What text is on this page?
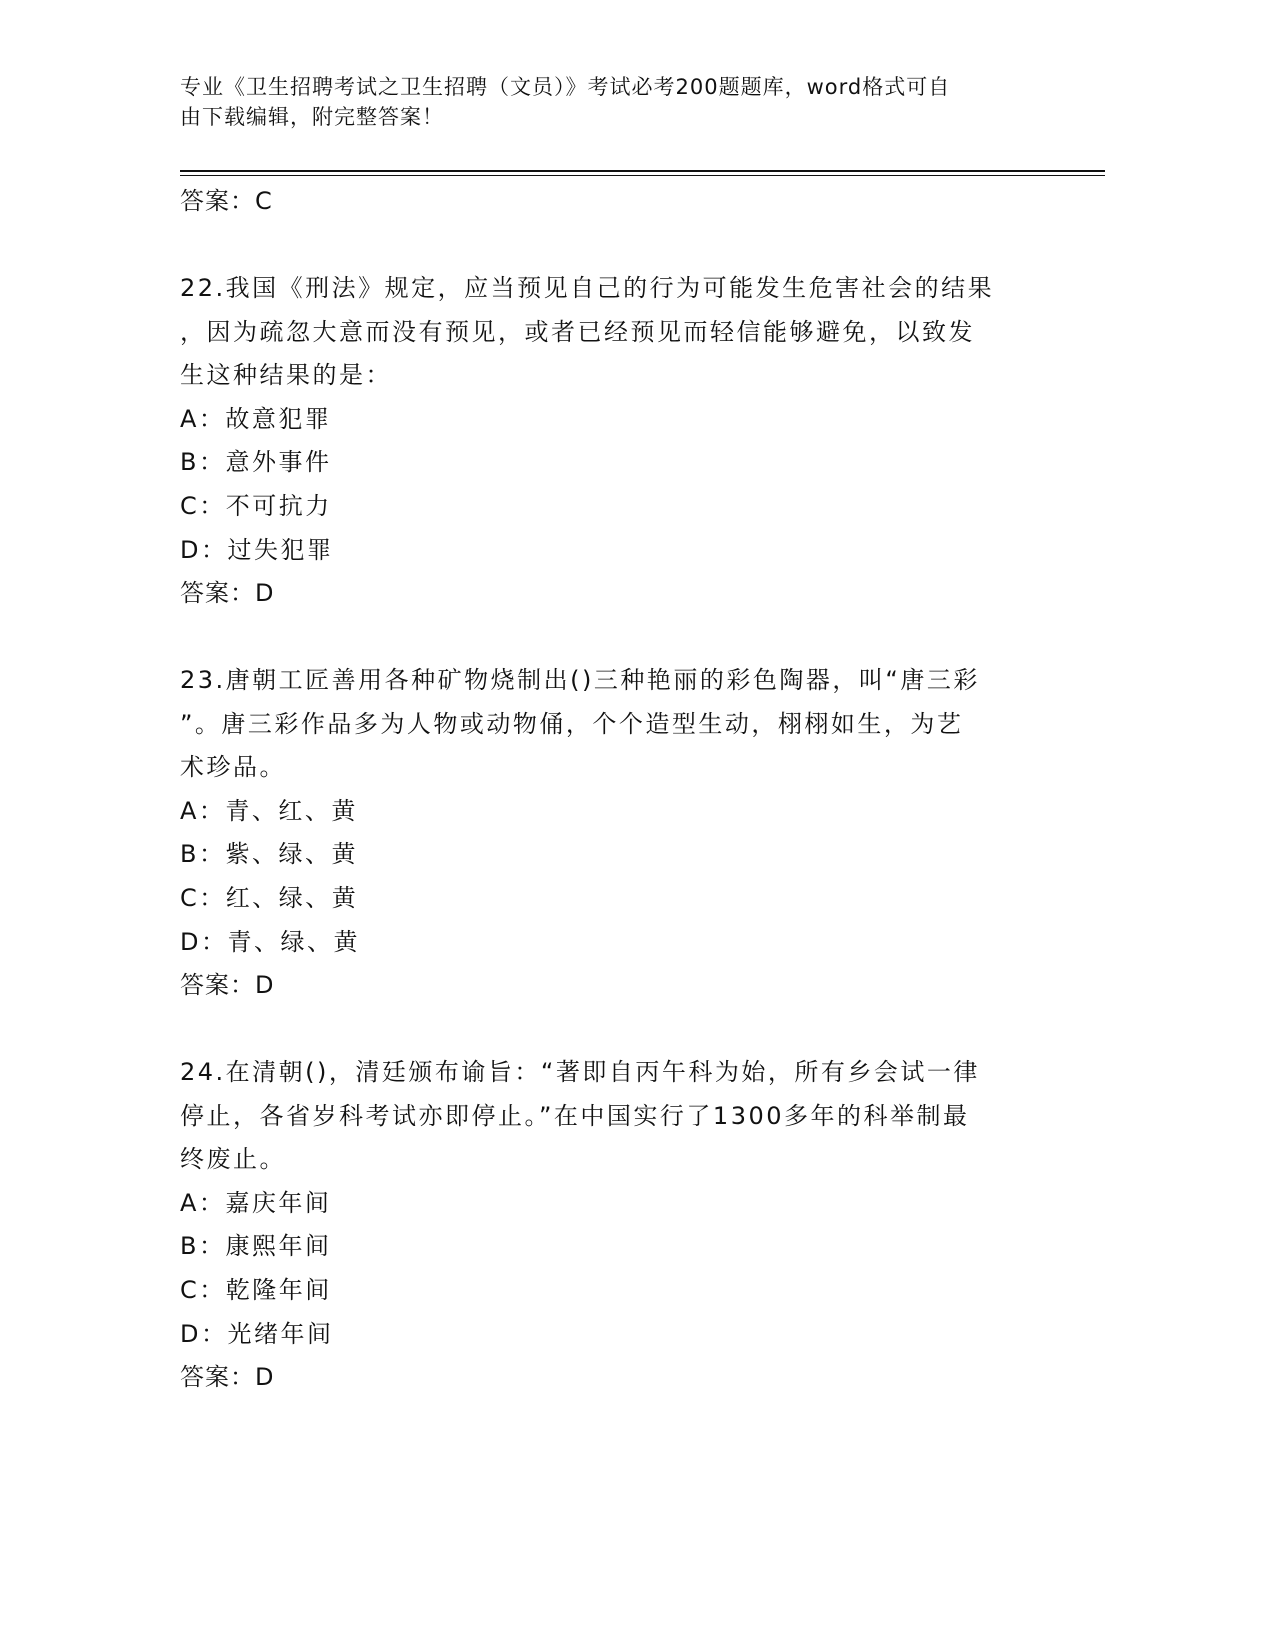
专业《卫生招聘考试之卫生招聘（文员）》考试必考200题题库，word格式可自
由下载编辑，附完整答案！
答案：C
22.我国《刑法》规定，应当预见自己的行为可能发生危害社会的结果
，因为疏忽大意而没有预见，或者已经预见而轻信能够避免，以致发
生这种结果的是：
A：故意犯罪
B：意外事件
C：不可抗力
D：过失犯罪
答案：D
23.唐朝工匠善用各种矿物烧制出()三种艳丽的彩色陶器，叫“唐三彩
”。唐三彩作品多为人物或动物俑，个个造型生动，栩栩如生，为艺
术珍品。
A：青、红、黄
B：紫、绿、黄
C：红、绿、黄
D：青、绿、黄
答案：D
24.在清朝()，清廷颁布谕旨：“著即自丙午科为始，所有乡会试一律
停止，各省岁科考试亦即停止。”在中国实行了1300多年的科举制最
终废止。
A：嘉庆年间
B：康熙年间
C：乾隆年间
D：光绪年间
答案：D
